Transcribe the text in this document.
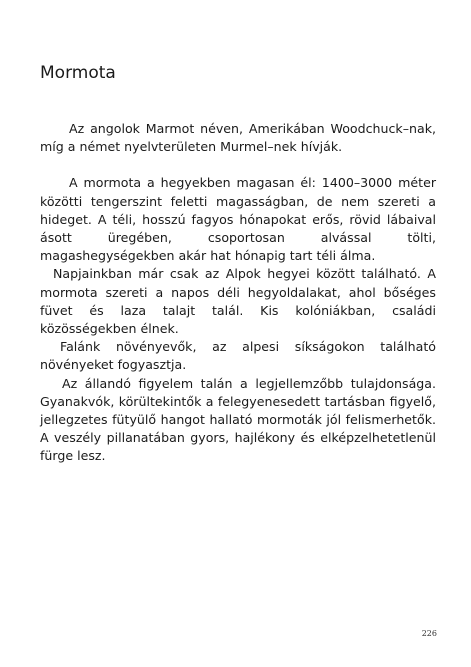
Mormota

Az angolok Marmot néven, Amerikában Woodchuck–nak, míg a német nyelvterületen Murmel–nek hívják.

A mormota a hegyekben magasan él: 1400–3000 méter közötti tengerszint feletti magasságban, de nem szereti a hideget. A téli, hosszú fagyos hónapokat erős, rövid lábaival ásott üregében, csoportosan alvással tölti, magashegységekben akár hat hónapig tart téli álma.

Napjainkban már csak az Alpok hegyei között található. A mormota szereti a napos déli hegyoldalakat, ahol bőséges füvet és laza talajt talál. Kis kolóniákban, családi közösségekben élnek.

Falánk növényevők, az alpesi síkságokon található növényeket fogyasztja.

Az állandó figyelem talán a legjellemzőbb tulajdonsága. Gyanakvók, körültekintők a felegyenesedett tartásban figyelő, jellegzetes fütyülő hangot hallató mormoták jól felismerhetők. A veszély pillanatában gyors, hajlékony és elképzelhetetlenül fürge lesz.

226
